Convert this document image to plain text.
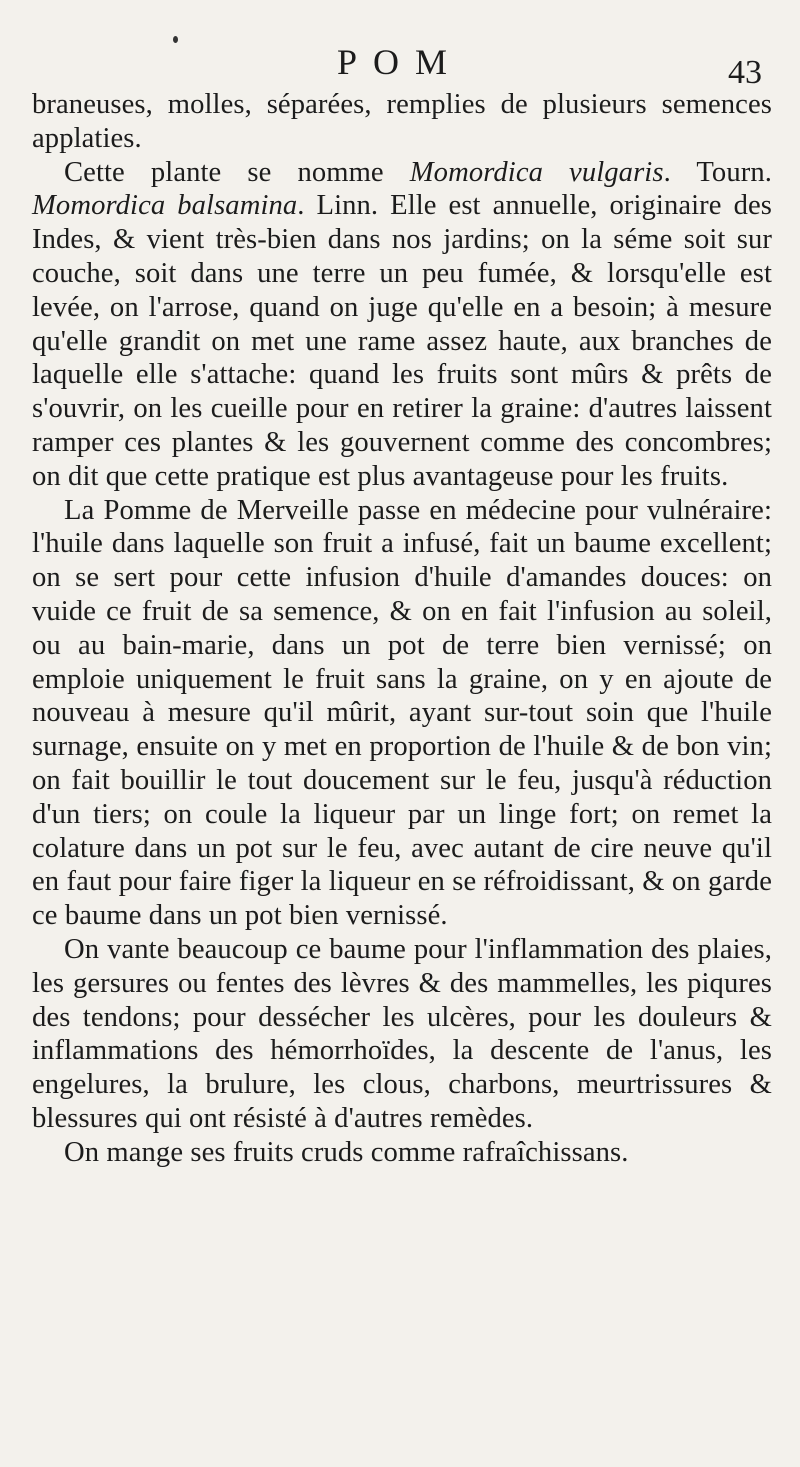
POM	43

braneuses, molles, séparées, remplies de plusieurs semences applaties.

Cette plante se nomme Momordica vulgaris. Tourn. Momordica balsamina. Linn. Elle est annuelle, originaire des Indes, & vient très-bien dans nos jardins; on la séme soit sur couche, soit dans une terre un peu fumée, & lorsqu'elle est levée, on l'arrose, quand on juge qu'elle en a besoin; à mesure qu'elle grandit on met une rame assez haute, aux branches de laquelle elle s'attache: quand les fruits sont mûrs & prêts de s'ouvrir, on les cueille pour en retirer la graine: d'autres laissent ramper ces plantes & les gouvernent comme des concombres; on dit que cette pratique est plus avantageuse pour les fruits.

La Pomme de Merveille passe en médecine pour vulnéraire: l'huile dans laquelle son fruit a infusé, fait un baume excellent; on se sert pour cette infusion d'huile d'amandes douces: on vuide ce fruit de sa semence, & on en fait l'infusion au soleil, ou au bain-marie, dans un pot de terre bien vernissé; on emploie uniquement le fruit sans la graine, on y en ajoute de nouveau à mesure qu'il mûrit, ayant sur-tout soin que l'huile surnage, ensuite on y met en proportion de l'huile & de bon vin; on fait bouillir le tout doucement sur le feu, jusqu'à réduction d'un tiers; on coule la liqueur par un linge fort; on remet la colature dans un pot sur le feu, avec autant de cire neuve qu'il en faut pour faire figer la liqueur en se réfroidissant, & on garde ce baume dans un pot bien vernissé.

On vante beaucoup ce baume pour l'inflammation des plaies, les gersures ou fentes des lèvres & des mammelles, les piqures des tendons; pour dessécher les ulcères, pour les douleurs & inflammations des hémorrhoïdes, la descente de l'anus, les engelures, la brulure, les clous, charbons, meurtrissures & blessures qui ont résisté à d'autres remèdes.

On mange ses fruits cruds comme rafraîchissans.
